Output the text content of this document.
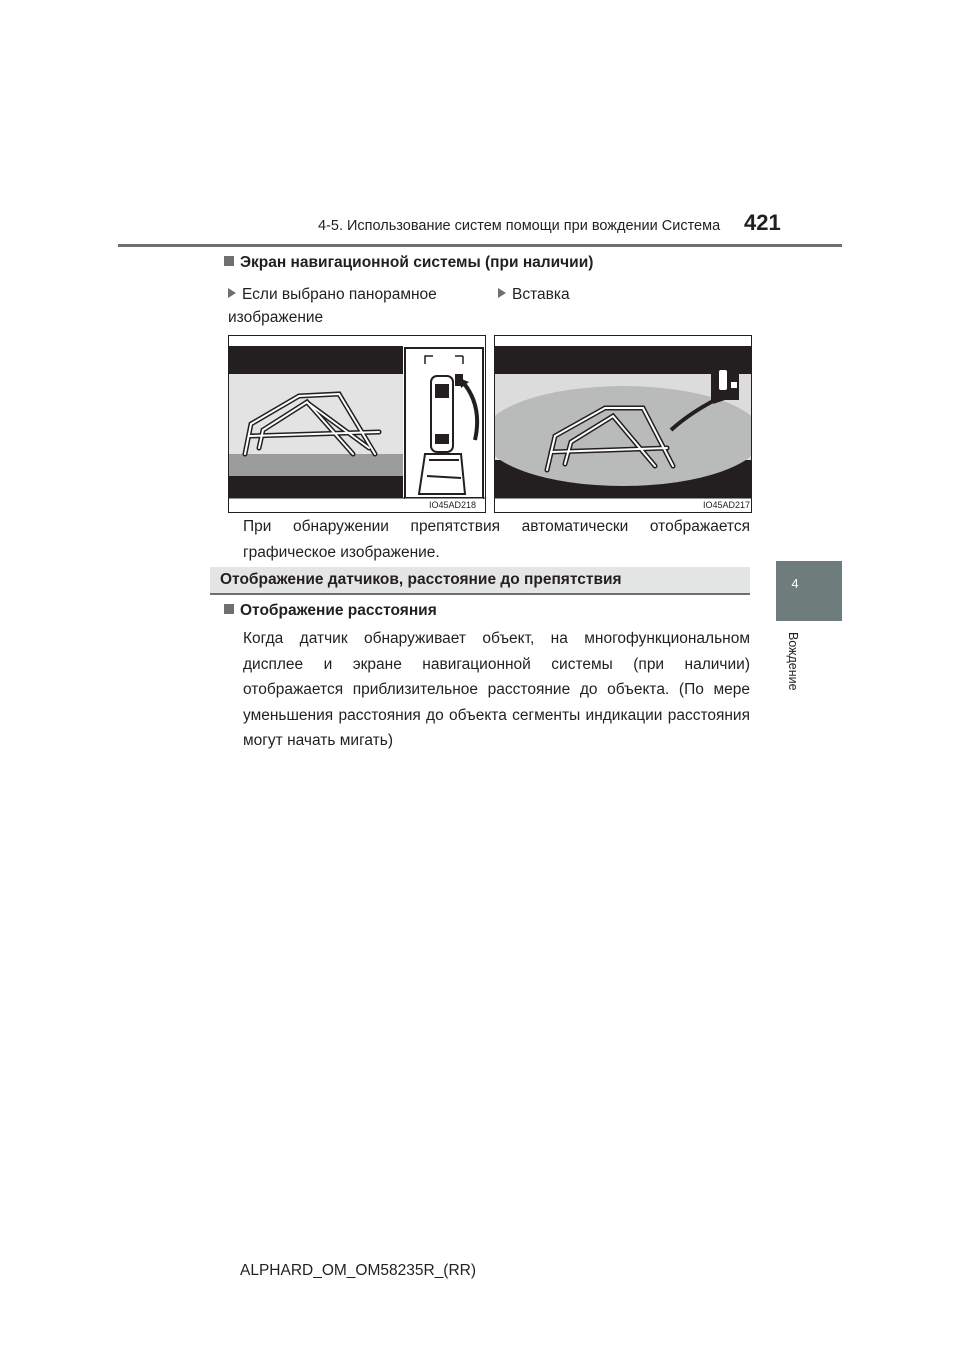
4-5. Использование систем помощи при вождении Система 421
4
Вождение
Экран навигационной системы (при наличии)
Если выбрано панорамное изображение
Вставка
IO45AD218	IO45AD217
При обнаружении препятствия автоматически отображается графическое изображение.
Отображение датчиков, расстояние до препятствия
Отображение расстояния
Когда датчик обнаруживает объект, на многофункциональном дисплее и экране навигационной системы (при наличии) отображается приблизительное расстояние до объекта. (По мере уменьшения расстояния до объекта сегменты индикации расстояния могут начать мигать)
ALPHARD_OM_OM58235R_(RR)
